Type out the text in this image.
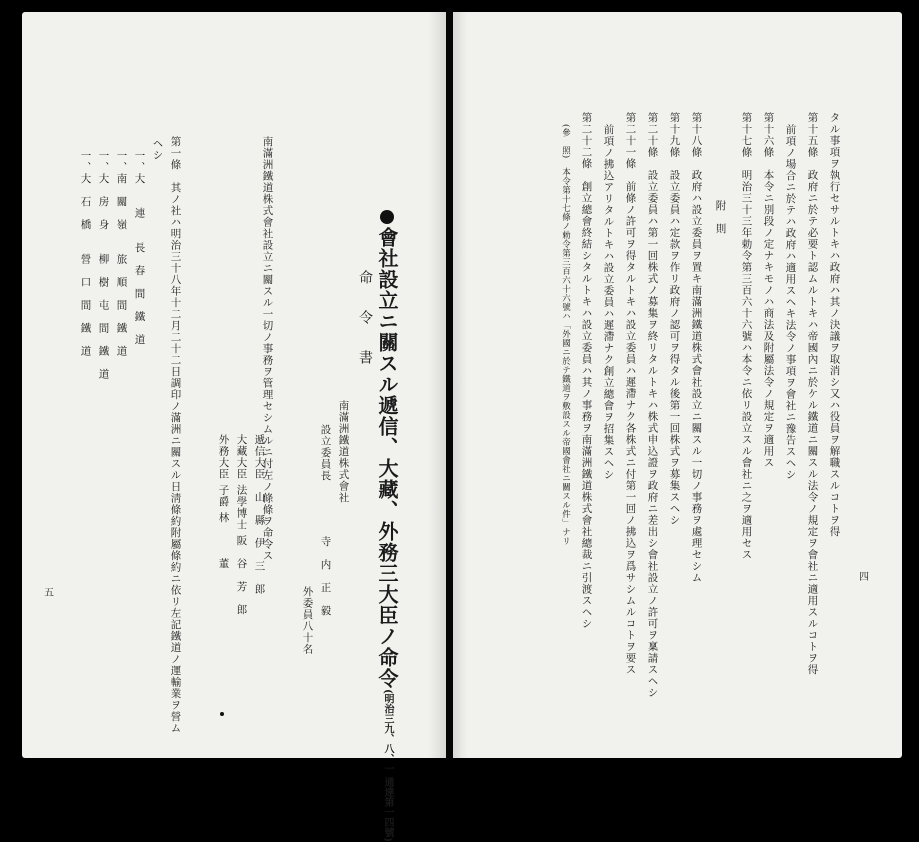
會社設立ニ關スル遞信、大藏、外務三大臣ノ命令(明治三九、八、一 通達第一四號)
命令書
南滿洲鐵道株式會社
設立委員長
寺　内　正　毅
外委員八十名
遞信大臣　山　縣　伊　三　郎
大藏大臣 法學博士 阪　谷　芳　郎
外務大臣 子爵 林　　　董	南滿洲鐵道株式會社設立ニ關スル一切ノ事務ヲ管理セシムルニ付左ノ條條ヲ命令ス
第一條　其ノ社ハ明治三十八年十二月二十二日調印ノ滿洲ニ關スル日淸條約附屬條約ニ依リ左記鐵道ノ運輸業ヲ營ム
ヘシ
一、大　　連　　長　春　間　鐵　道
一、南　關　嶺　　旅　順　間　鐵　道
一、大　房　身　　柳　樹　屯　間　鐵　道
一、大　石　橋　　營　口　間　鐵　道
五
四
タル事項ヲ執行セサルトキハ政府ハ其ノ決議ヲ取消シ又ハ役員ヲ解職スルコトヲ得
第十五條　政府ニ於テ必要ト認ムルトキハ帝國內ニ於ケル鐵道ニ關スル法令ノ規定ヲ會社ニ適用スルコトヲ得
前項ノ場合ニ於テハ政府ハ適用スヘキ法令ノ事項ヲ會社ニ豫告スヘシ
第十六條　本令ニ別段ノ定ナキモノハ商法及附屬法令ノ規定ヲ適用ス
第十七條　明治三十三年勅令第三百六十六號ハ本令ニ依リ設立スル會社ニ之ヲ適用セス
附　則
第十八條　政府ハ設立委員ヲ置キ南滿洲鐵道株式會社設立ニ關スル一切ノ事務ヲ處理セシム
第十九條　設立委員ハ定款ヲ作リ政府ノ認可ヲ得タル後第一回株式ヲ募集スヘシ
第二十條　設立委員ハ第一回株式ノ募集ヲ終リタルトキハ株式申込證ヲ政府ニ差出シ會社設立ノ許可ヲ稟請スヘシ
第二十一條　前條ノ許可ヲ得タルトキハ設立委員ハ遲滯ナク各株式ニ付第一回ノ拂込ヲ爲サシムルコトヲ要ス
前項ノ拂込アリタルトキハ設立委員ハ遲滯ナク創立總會ヲ招集スヘシ
第二十二條　創立總會終結シタルトキハ設立委員ハ其ノ事務ヲ南滿洲鐵道株式會社總裁ニ引渡スヘシ
(參　照)　本令第十七條ノ勅令第三百六十六號ハ「外國ニ於テ鐵道ヲ敷設スル帝國會社ニ關スル件」ナリ
